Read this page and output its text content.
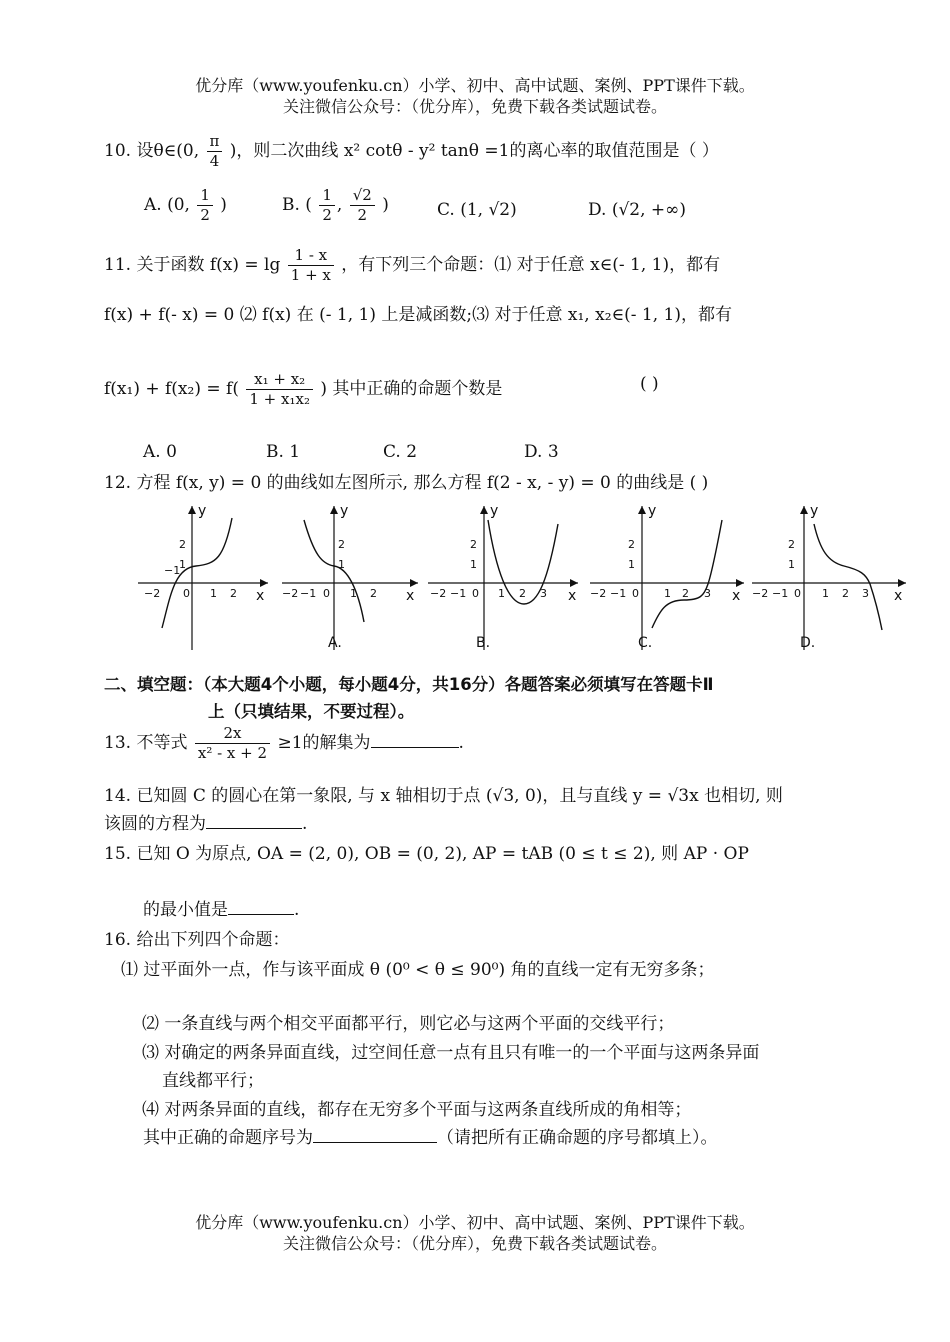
优分库（www.youfenku.cn）小学、初中、高中试题、案例、PPT课件下载。
关注微信公众号：（优分库），免费下载各类试题试卷。
10. 设θ∈(0, $\frac{\pi}{4}$ )，则二次曲线 x² cotθ - y² tanθ =1的离心率的取值范围是（ ）
A. (0, $\frac{1}{2}$ )	B. ( $\frac{1}{2}$ , $\frac{√2}{2}$ )	C. (1, √2)	D. (√2, +∞)
11. 关于函数 $f(x) = \lg \frac{1 - x}{1 + x}$ ，有下列三个命题：⑴ 对于任意 x∈(- 1, 1)，都有
f(x) + f(- x) = 0 ⑵ f(x) 在 (- 1, 1) 上是减函数;⑶ 对于任意 x₁, x₂∈(- 1, 1)，都有
$f(x_1) + f(x_2) = f( \frac{\text{x₁ + x₂}}{\text{1 + x₁x₂}}$ ) 其中正确的命题个数是	( )
A. 0	B. 1	C. 2	D. 3
12. 方程 f(x, y) = 0 的曲线如左图所示, 那么方程 f(2 - x, - y) = 0 的曲线是 ( )
y
x
−2
−1
0 1 2
2
1
y
x
−2 −1 0 1 2
2
1
A.
y
x
−2 −1 0 1 2 3
2
1
B.
y
x
−2 −1 0 1 2 3
2
1
C.
y
x
−2 −1 0 1 2 3
2
1
D.
二、填空题：（本大题4个小题，每小题4分，共16分）各题答案必须填写在答题卡Ⅱ
上（只填结果，不要过程）。
13. 不等式 $\frac{2x}{\text{x² - x + 2}} \ge 1$的解集为	.
14. 已知圆 C 的圆心在第一象限, 与 x 轴相切于点 (√3, 0)，且与直线 y = √3x 也相切, 则
该圆的方程为	.
15. 已知 O 为原点, OA = (2, 0), OB = (0, 2), AP = tAB (0 ≤ t ≤ 2), 则 AP · OP
的最小值是	.
16. 给出下列四个命题：
⑴ 过平面外一点，作与该平面成 θ (0⁰ < θ ≤ 90⁰) 角的直线一定有无穷多条；
⑵ 一条直线与两个相交平面都平行，则它必与这两个平面的交线平行；
⑶ 对确定的两条异面直线，过空间任意一点有且只有唯一的一个平面与这两条异面
直线都平行；
⑷ 对两条异面的直线，都存在无穷多个平面与这两条直线所成的角相等；
其中正确的命题序号为	（请把所有正确命题的序号都填上）。
优分库（www.youfenku.cn）小学、初中、高中试题、案例、PPT课件下载。
关注微信公众号：（优分库），免费下载各类试题试卷。
